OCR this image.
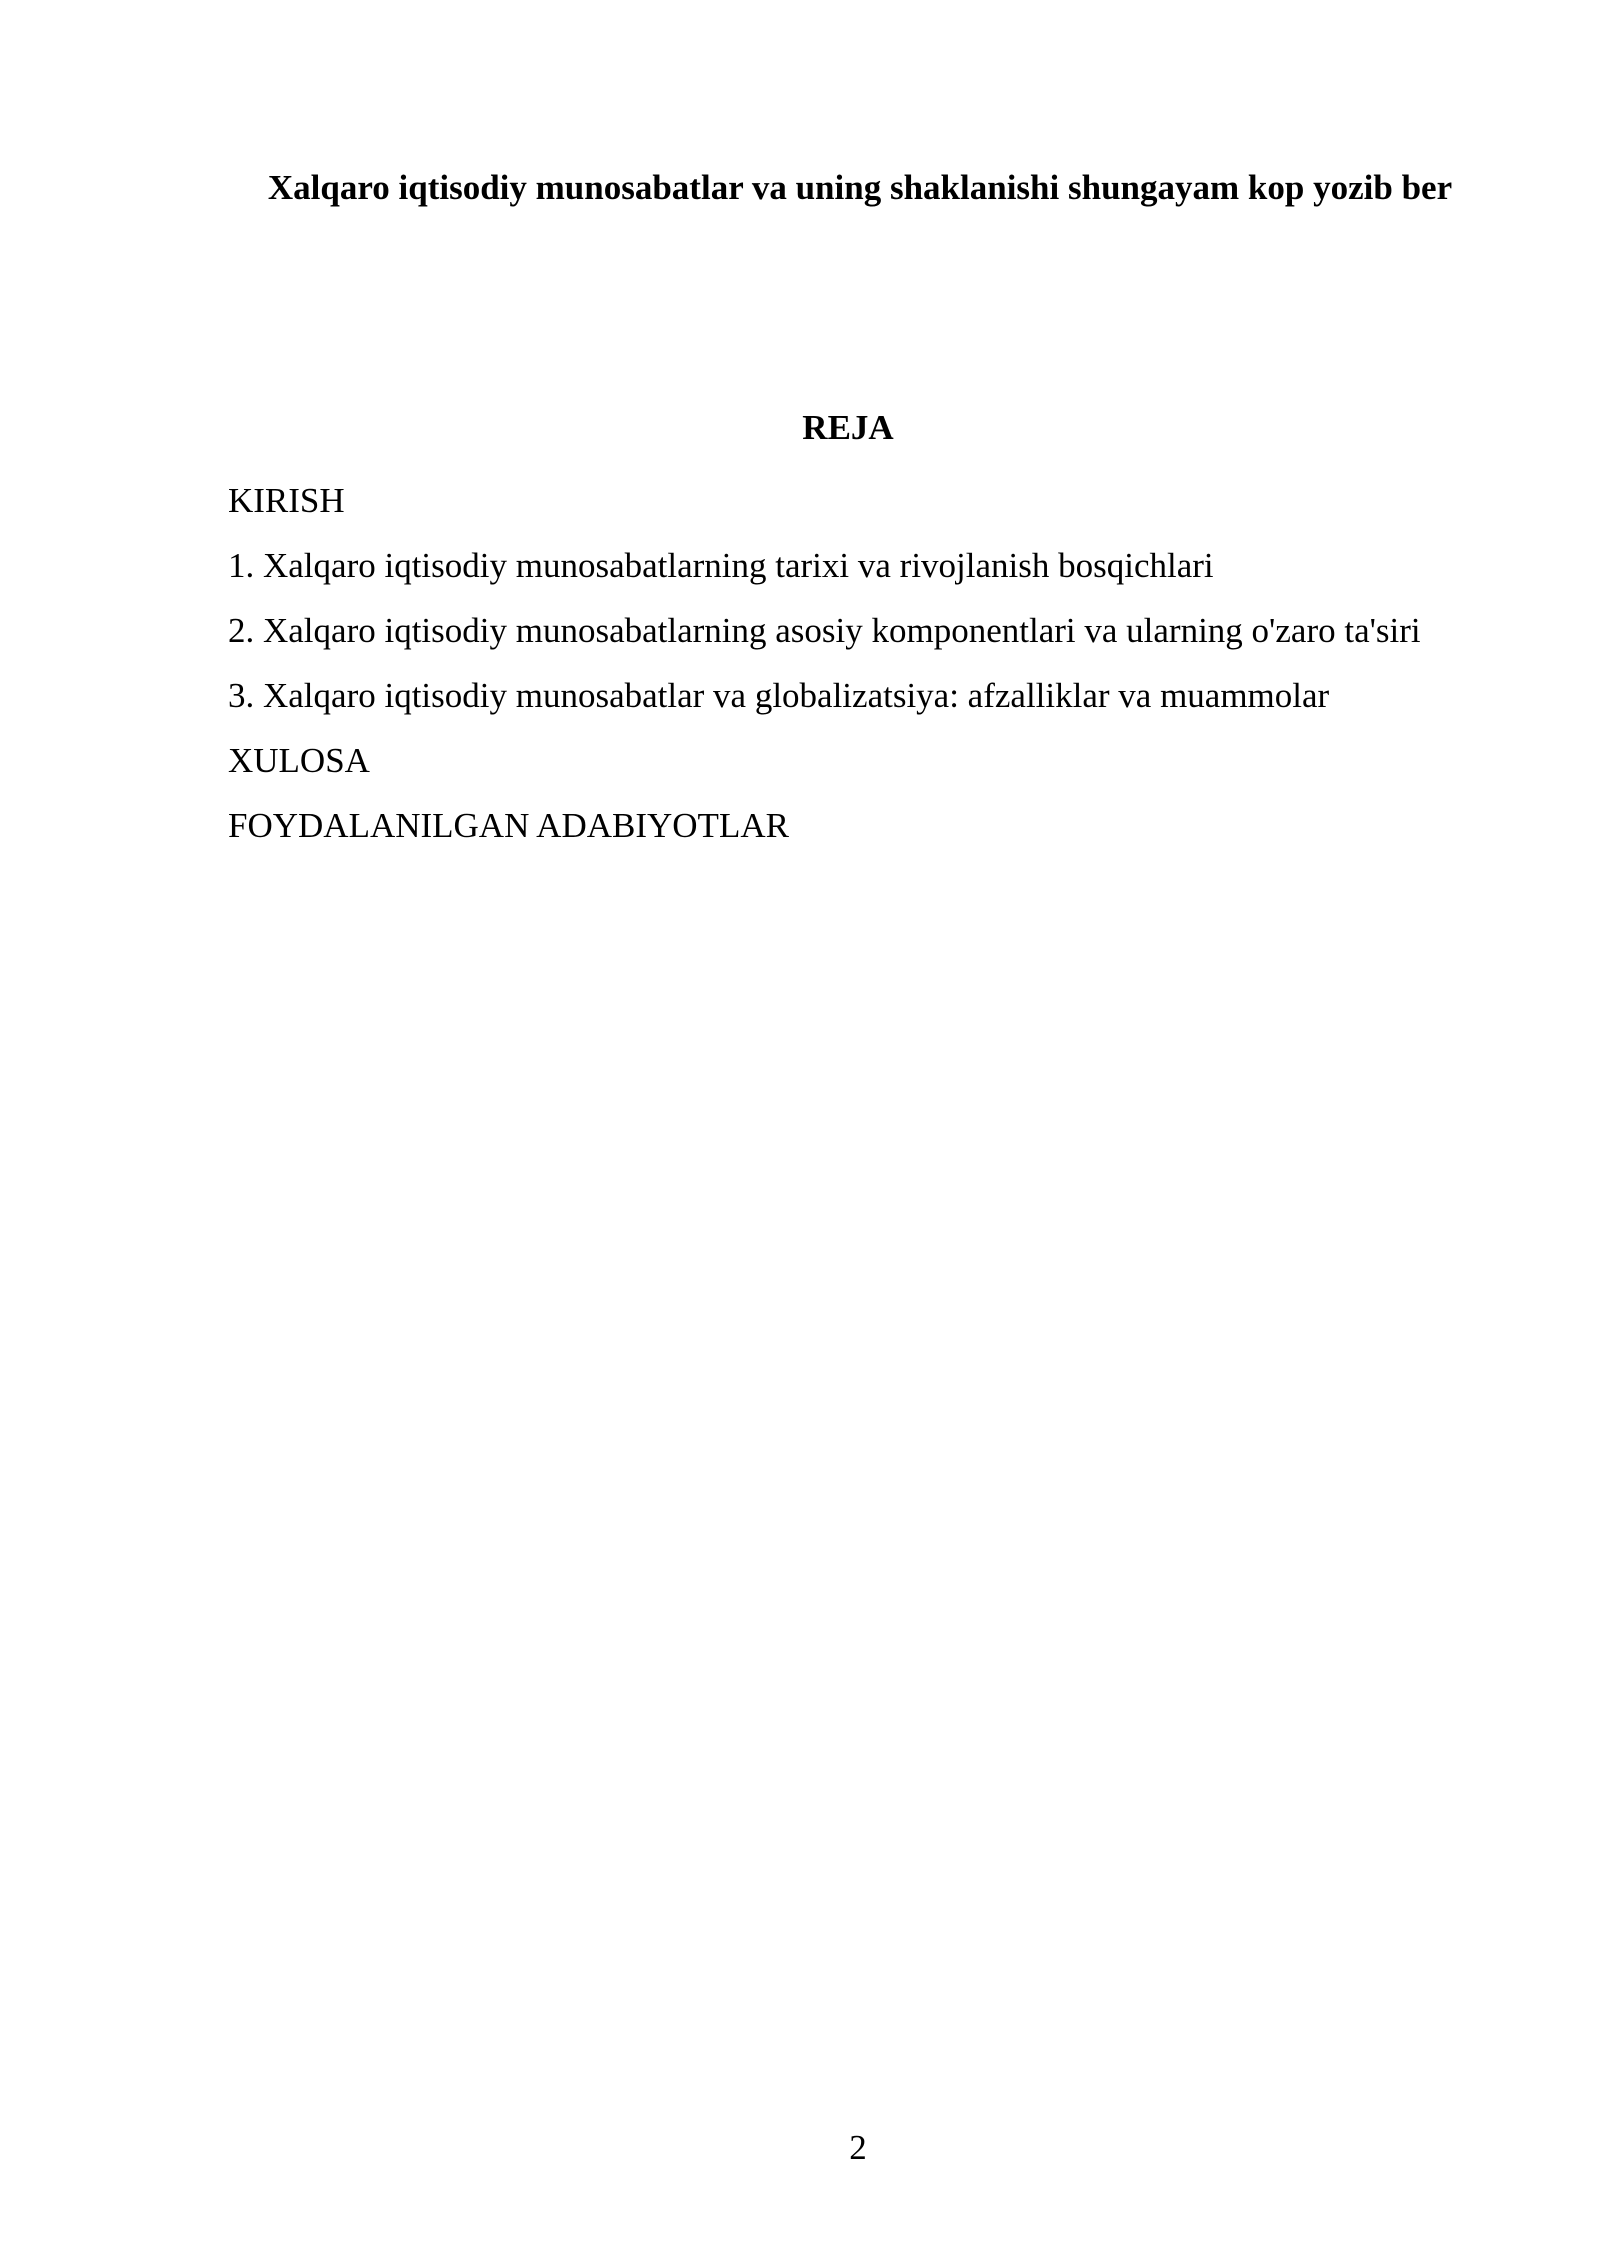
Xalqaro iqtisodiy munosabatlar va uning shaklanishi shungayam kop yozib ber
REJA
KIRISH
1. Xalqaro iqtisodiy munosabatlarning tarixi va rivojlanish bosqichlari
2. Xalqaro iqtisodiy munosabatlarning asosiy komponentlari va ularning o'zaro ta'siri
3. Xalqaro iqtisodiy munosabatlar va globalizatsiya: afzalliklar va muammolar
XULOSA
FOYDALANILGAN ADABIYOTLAR
2
